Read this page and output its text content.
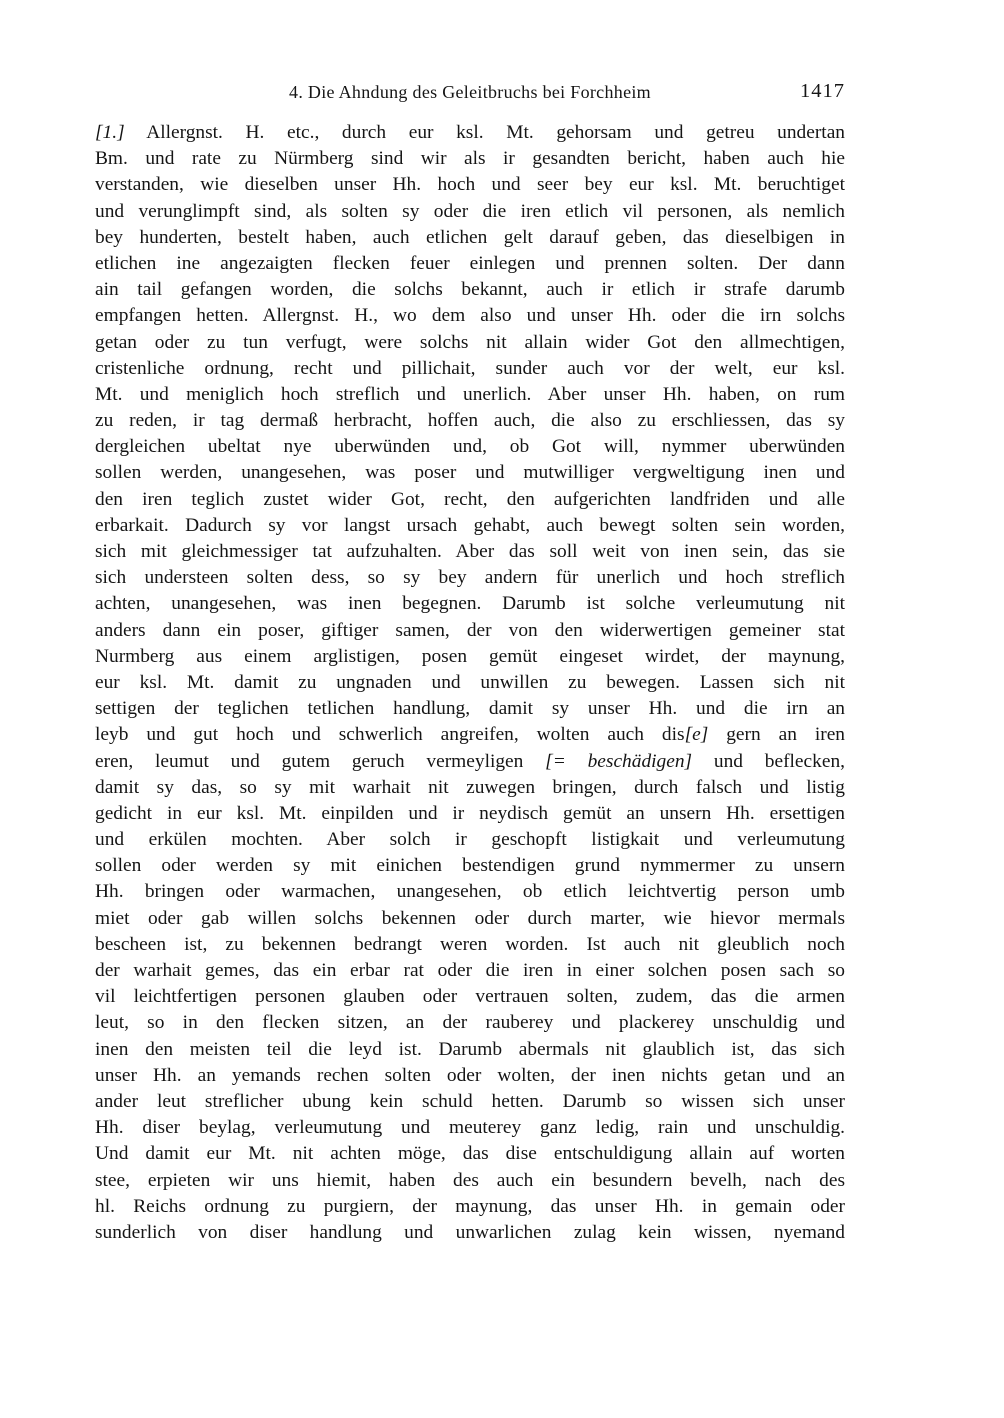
4. Die Ahndung des Geleitbruchs bei Forchheim	1417
[1.] Allergnst. H. etc., durch eur ksl. Mt. gehorsam und getreu undertan
Bm. und rate zu Nürmberg sind wir als ir gesandten bericht, haben auch hie
verstanden, wie dieselben unser Hh. hoch und seer bey eur ksl. Mt. beruchtiget
und verunglimpft sind, als solten sy oder die iren etlich vil personen, als nemlich
bey hunderten, bestelt haben, auch etlichen gelt darauf geben, das dieselbigen in
etlichen ine angezaigten flecken feuer einlegen und prennen solten. Der dann
ain tail gefangen worden, die solchs bekannt, auch ir etlich ir strafe darumb
empfangen hetten. Allergnst. H., wo dem also und unser Hh. oder die irn solchs
getan oder zu tun verfugt, were solchs nit allain wider Got den allmechtigen,
cristenliche ordnung, recht und pillichait, sunder auch vor der welt, eur ksl.
Mt. und meniglich hoch streflich und unerlich. Aber unser Hh. haben, on rum
zu reden, ir tag dermaß herbracht, hoffen auch, die also zu erschliessen, das sy
dergleichen ubeltat nye uberwünden und, ob Got will, nymmer uberwünden
sollen werden, unangesehen, was poser und mutwilliger vergweltigung inen und
den iren teglich zustet wider Got, recht, den aufgerichten landfriden und alle
erbarkait. Dadurch sy vor langst ursach gehabt, auch bewegt solten sein worden,
sich mit gleichmessiger tat aufzuhalten. Aber das soll weit von inen sein, das sie
sich understeen solten dess, so sy bey andern für unerlich und hoch streflich
achten, unangesehen, was inen begegnen. Darumb ist solche verleumutung nit
anders dann ein poser, giftiger samen, der von den widerwertigen gemeiner stat
Nurmberg aus einem arglistigen, posen gemüt eingeset wirdet, der maynung,
eur ksl. Mt. damit zu ungnaden und unwillen zu bewegen. Lassen sich nit
settigen der teglichen tetlichen handlung, damit sy unser Hh. und die irn an
leyb und gut hoch und schwerlich angreifen, wolten auch dis[e] gern an iren
eren, leumut und gutem geruch vermeyligen [= beschädigen] und beflecken,
damit sy das, so sy mit warhait nit zuwegen bringen, durch falsch und listig
gedicht in eur ksl. Mt. einpilden und ir neydisch gemüt an unsern Hh. ersettigen
und erkülen mochten. Aber solch ir geschopft listigkait und verleumutung
sollen oder werden sy mit einichen bestendigen grund nymmermer zu unsern
Hh. bringen oder warmachen, unangesehen, ob etlich leichtvertig person umb
miet oder gab willen solchs bekennen oder durch marter, wie hievor mermals
bescheen ist, zu bekennen bedrangt weren worden. Ist auch nit gleublich noch
der warhait gemes, das ein erbar rat oder die iren in einer solchen posen sach so
vil leichtfertigen personen glauben oder vertrauen solten, zudem, das die armen
leut, so in den flecken sitzen, an der rauberey und plackerey unschuldig und
inen den meisten teil die leyd ist. Darumb abermals nit glaublich ist, das sich
unser Hh. an yemands rechen solten oder wolten, der inen nichts getan und an
ander leut streflicher ubung kein schuld hetten. Darumb so wissen sich unser
Hh. diser beylag, verleumutung und meuterey ganz ledig, rain und unschuldig.
Und damit eur Mt. nit achten möge, das dise entschuldigung allain auf worten
stee, erpieten wir uns hiemit, haben des auch ein besundern bevelh, nach des
hl. Reichs ordnung zu purgiern, der maynung, das unser Hh. in gemain oder
sunderlich von diser handlung und unwarlichen zulag kein wissen, nyemand
